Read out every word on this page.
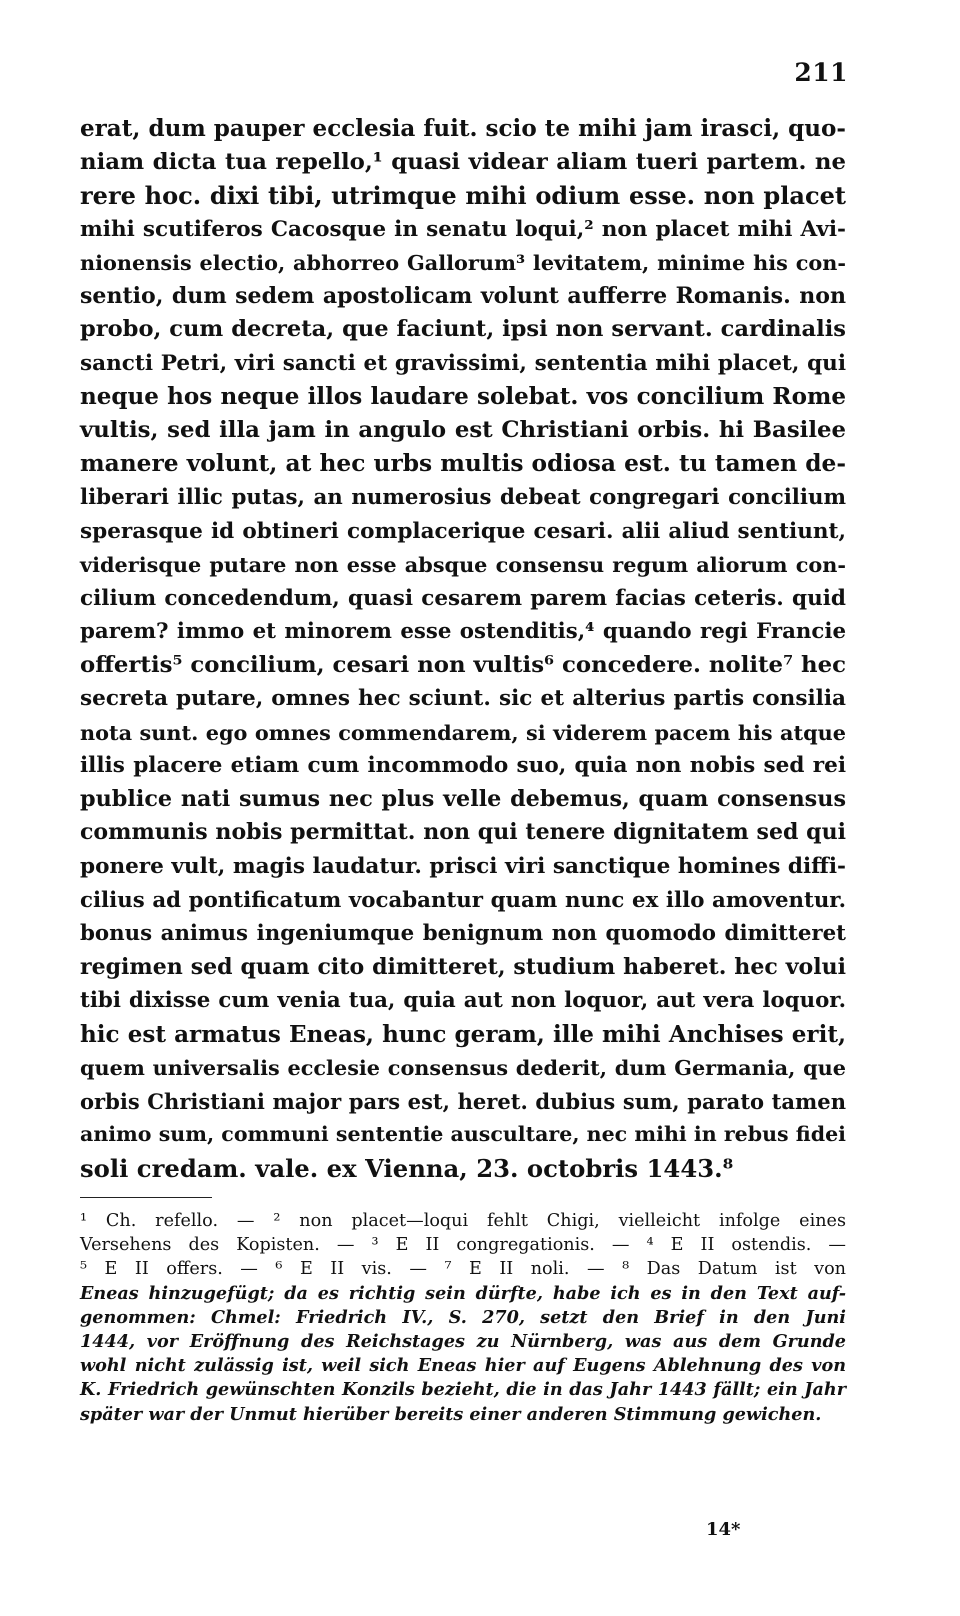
211
erat, dum pauper ecclesia fuit. scio te mihi jam irasci, quo-
niam dicta tua repello,¹ quasi videar aliam tueri partem. ne
rere hoc. dixi tibi, utrimque mihi odium esse. non placet
mihi scutiferos Cacosque in senatu loqui,² non placet mihi Avi-
nionensis electio, abhorreo Gallorum³ levitatem, minime his con-
sentio, dum sedem apostolicam volunt aufferre Romanis. non
probo, cum decreta, que faciunt, ipsi non servant. cardinalis
sancti Petri, viri sancti et gravissimi, sententia mihi placet, qui
neque hos neque illos laudare solebat. vos concilium Rome
vultis, sed illa jam in angulo est Christiani orbis. hi Basilee
manere volunt, at hec urbs multis odiosa est. tu tamen de-
liberari illic putas, an numerosius debeat congregari concilium
sperasque id obtineri complacerique cesari. alii aliud sentiunt,
viderisque putare non esse absque consensu regum aliorum con-
cilium concedendum, quasi cesarem parem facias ceteris. quid
parem? immo et minorem esse ostenditis,⁴ quando regi Francie
offertis⁵ concilium, cesari non vultis⁶ concedere. nolite⁷ hec
secreta putare, omnes hec sciunt. sic et alterius partis consilia
nota sunt. ego omnes commendarem, si viderem pacem his atque
illis placere etiam cum incommodo suo, quia non nobis sed rei
publice nati sumus nec plus velle debemus, quam consensus
communis nobis permittat. non qui tenere dignitatem sed qui
ponere vult, magis laudatur. prisci viri sanctique homines diffi-
cilius ad pontificatum vocabantur quam nunc ex illo amoventur.
bonus animus ingeniumque benignum non quomodo dimitteret
regimen sed quam cito dimitteret, studium haberet. hec volui
tibi dixisse cum venia tua, quia aut non loquor, aut vera loquor.
hic est armatus Eneas, hunc geram, ille mihi Anchises erit,
quem universalis ecclesie consensus dederit, dum Germania, que
orbis Christiani major pars est, heret. dubius sum, parato tamen
animo sum, communi sententie auscultare, nec mihi in rebus fidei
soli credam. vale. ex Vienna, 23. octobris 1443.⁸
¹ Ch. refello. — ² non placet—loqui fehlt Chigi, vielleicht infolge eines
Versehens des Kopisten. — ³ E II congregationis. — ⁴ E II ostendis. —
⁵ E II offers. — ⁶ E II vis. — ⁷ E II noli. — ⁸ Das Datum ist von
Eneas hinzugefügt; da es richtig sein dürfte, habe ich es in den Text auf-
genommen: Chmel: Friedrich IV., S. 270, setzt den Brief in den Juni
1444, vor Eröffnung des Reichstages zu Nürnberg, was aus dem Grunde
wohl nicht zulässig ist, weil sich Eneas hier auf Eugens Ablehnung des von
K. Friedrich gewünschten Konzils bezieht, die in das Jahr 1443 fällt; ein Jahr
später war der Unmut hierüber bereits einer anderen Stimmung gewichen.
14*
